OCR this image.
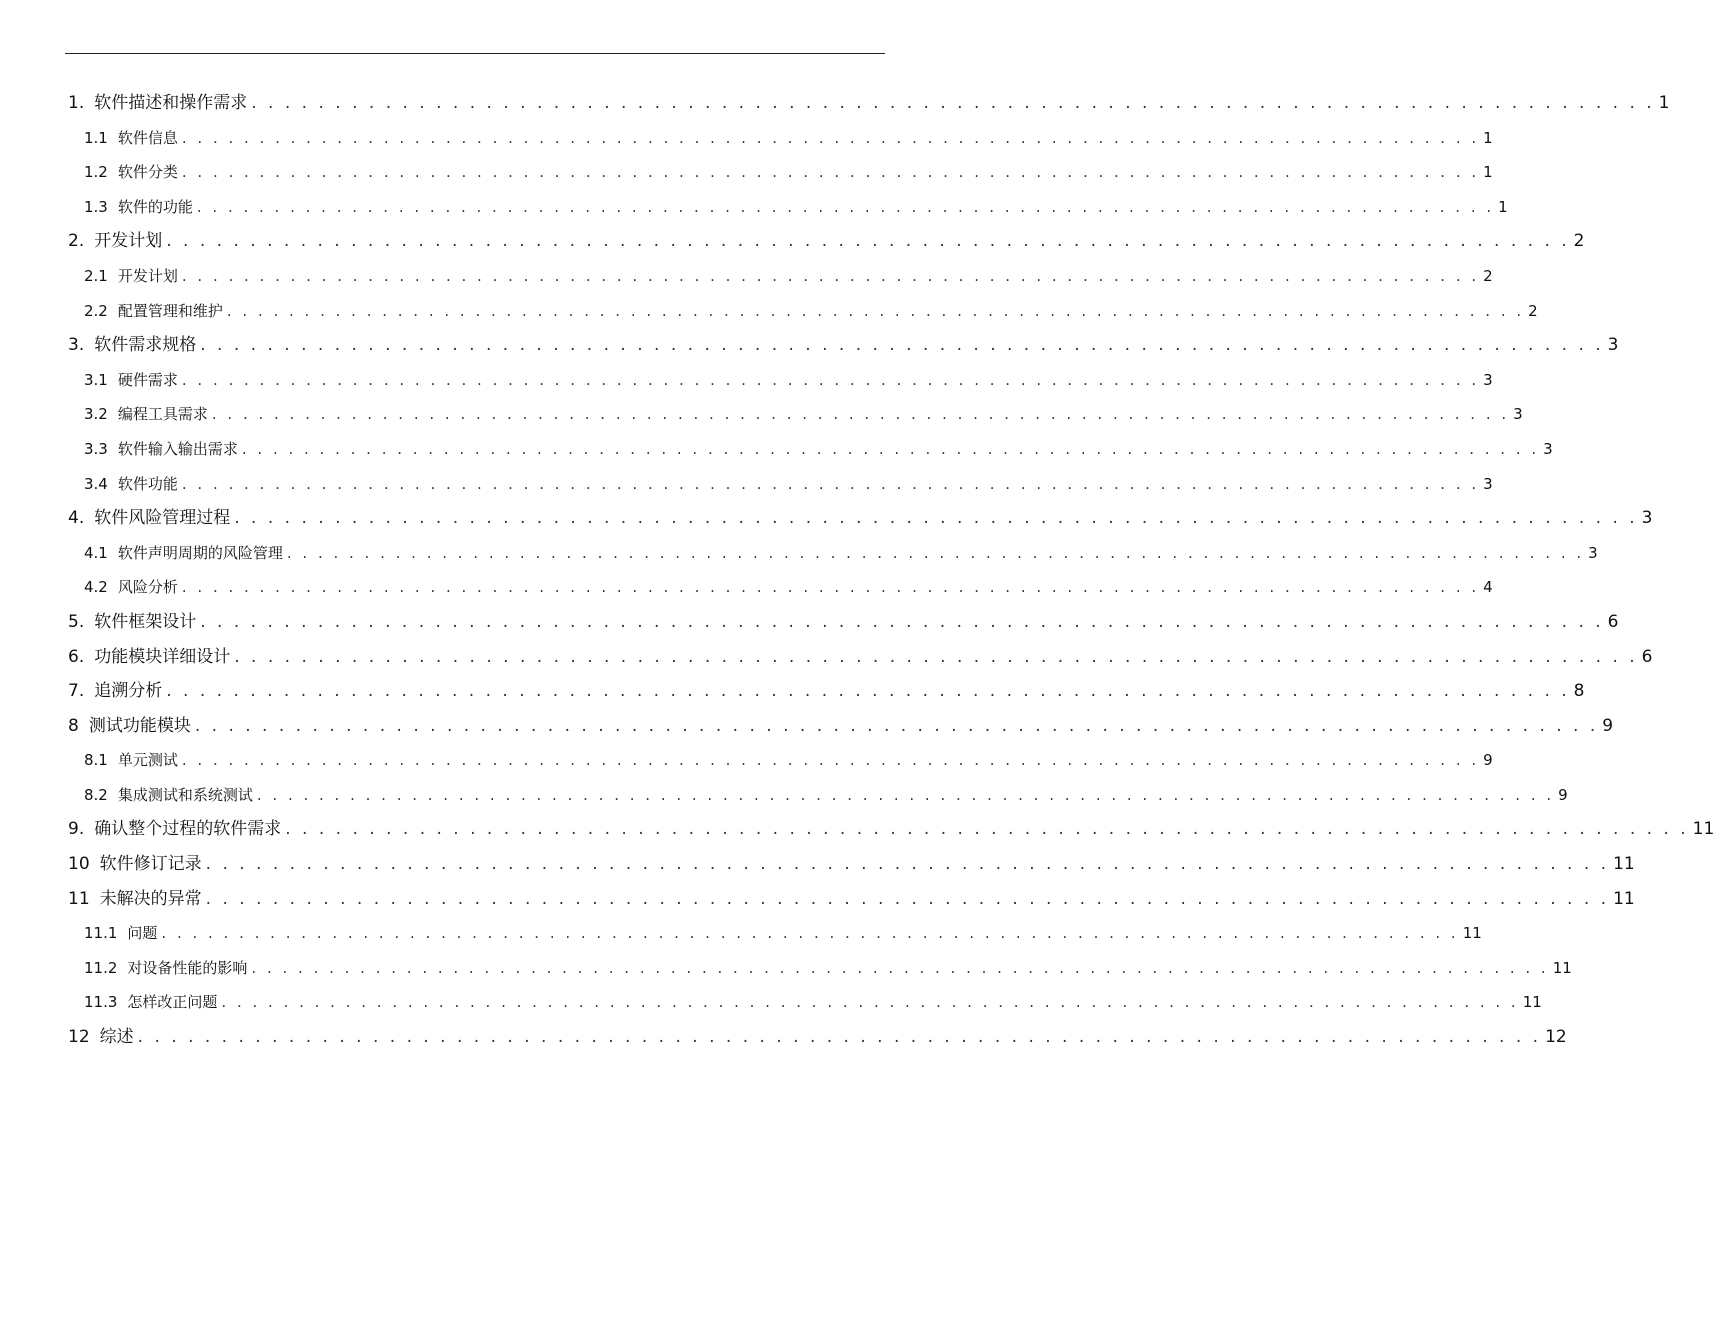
1. 软件描述和操作需求 . . . . . . . . . . . . . . . . . . . . . . . . . . . . . . . . . . . . . . . . . . . . . . . . . . . . . . . . . . . . . . . . . . . . . . . . . . . . . . . . . . . . 1
1.1 软件信息 . . . . . . . . . . . . . . . . . . . . . . . . . . . . . . . . . . . . . . . . . . . . . . . . . . . . . . . . . . . . . . . . . . . . . . . . . . . . . . . . . . . . 1
1.2 软件分类 . . . . . . . . . . . . . . . . . . . . . . . . . . . . . . . . . . . . . . . . . . . . . . . . . . . . . . . . . . . . . . . . . . . . . . . . . . . . . . . . . . . . 1
1.3 软件的功能 . . . . . . . . . . . . . . . . . . . . . . . . . . . . . . . . . . . . . . . . . . . . . . . . . . . . . . . . . . . . . . . . . . . . . . . . . . . . . . . . . . . . 1
2. 开发计划 . . . . . . . . . . . . . . . . . . . . . . . . . . . . . . . . . . . . . . . . . . . . . . . . . . . . . . . . . . . . . . . . . . . . . . . . . . . . . . . . . . . . 2
2.1 开发计划 . . . . . . . . . . . . . . . . . . . . . . . . . . . . . . . . . . . . . . . . . . . . . . . . . . . . . . . . . . . . . . . . . . . . . . . . . . . . . . . . . . . . 2
2.2 配置管理和维护 . . . . . . . . . . . . . . . . . . . . . . . . . . . . . . . . . . . . . . . . . . . . . . . . . . . . . . . . . . . . . . . . . . . . . . . . . . . . . . . . . . . . 2
3. 软件需求规格 . . . . . . . . . . . . . . . . . . . . . . . . . . . . . . . . . . . . . . . . . . . . . . . . . . . . . . . . . . . . . . . . . . . . . . . . . . . . . . . . . . . . 3
3.1 硬件需求 . . . . . . . . . . . . . . . . . . . . . . . . . . . . . . . . . . . . . . . . . . . . . . . . . . . . . . . . . . . . . . . . . . . . . . . . . . . . . . . . . . . . 3
3.2 编程工具需求 . . . . . . . . . . . . . . . . . . . . . . . . . . . . . . . . . . . . . . . . . . . . . . . . . . . . . . . . . . . . . . . . . . . . . . . . . . . . . . . . . . . . 3
3.3 软件输入输出需求 . . . . . . . . . . . . . . . . . . . . . . . . . . . . . . . . . . . . . . . . . . . . . . . . . . . . . . . . . . . . . . . . . . . . . . . . . . . . . . . . . . . . 3
3.4 软件功能 . . . . . . . . . . . . . . . . . . . . . . . . . . . . . . . . . . . . . . . . . . . . . . . . . . . . . . . . . . . . . . . . . . . . . . . . . . . . . . . . . . . . 3
4. 软件风险管理过程 . . . . . . . . . . . . . . . . . . . . . . . . . . . . . . . . . . . . . . . . . . . . . . . . . . . . . . . . . . . . . . . . . . . . . . . . . . . . . . . . . . . . 3
4.1 软件声明周期的风险管理 . . . . . . . . . . . . . . . . . . . . . . . . . . . . . . . . . . . . . . . . . . . . . . . . . . . . . . . . . . . . . . . . . . . . . . . . . . . . . . . . . . . . 3
4.2 风险分析 . . . . . . . . . . . . . . . . . . . . . . . . . . . . . . . . . . . . . . . . . . . . . . . . . . . . . . . . . . . . . . . . . . . . . . . . . . . . . . . . . . . . 4
5. 软件框架设计 . . . . . . . . . . . . . . . . . . . . . . . . . . . . . . . . . . . . . . . . . . . . . . . . . . . . . . . . . . . . . . . . . . . . . . . . . . . . . . . . . . . . 6
6. 功能模块详细设计 . . . . . . . . . . . . . . . . . . . . . . . . . . . . . . . . . . . . . . . . . . . . . . . . . . . . . . . . . . . . . . . . . . . . . . . . . . . . . . . . . . . . 6
7. 追溯分析 . . . . . . . . . . . . . . . . . . . . . . . . . . . . . . . . . . . . . . . . . . . . . . . . . . . . . . . . . . . . . . . . . . . . . . . . . . . . . . . . . . . . 8
8 测试功能模块 . . . . . . . . . . . . . . . . . . . . . . . . . . . . . . . . . . . . . . . . . . . . . . . . . . . . . . . . . . . . . . . . . . . . . . . . . . . . . . . . . . . . 9
8.1 单元测试 . . . . . . . . . . . . . . . . . . . . . . . . . . . . . . . . . . . . . . . . . . . . . . . . . . . . . . . . . . . . . . . . . . . . . . . . . . . . . . . . . . . . 9
8.2 集成测试和系统测试 . . . . . . . . . . . . . . . . . . . . . . . . . . . . . . . . . . . . . . . . . . . . . . . . . . . . . . . . . . . . . . . . . . . . . . . . . . . . . . . . . . . . 9
9. 确认整个过程的软件需求 . . . . . . . . . . . . . . . . . . . . . . . . . . . . . . . . . . . . . . . . . . . . . . . . . . . . . . . . . . . . . . . . . . . . . . . . . . . . . . . . . . . . 11
10 软件修订记录 . . . . . . . . . . . . . . . . . . . . . . . . . . . . . . . . . . . . . . . . . . . . . . . . . . . . . . . . . . . . . . . . . . . . . . . . . . . . . . . . . . . . 11
11 未解决的异常 . . . . . . . . . . . . . . . . . . . . . . . . . . . . . . . . . . . . . . . . . . . . . . . . . . . . . . . . . . . . . . . . . . . . . . . . . . . . . . . . . . . . 11
11.1 问题 . . . . . . . . . . . . . . . . . . . . . . . . . . . . . . . . . . . . . . . . . . . . . . . . . . . . . . . . . . . . . . . . . . . . . . . . . . . . . . . . . . . . 11
11.2 对设备性能的影响 . . . . . . . . . . . . . . . . . . . . . . . . . . . . . . . . . . . . . . . . . . . . . . . . . . . . . . . . . . . . . . . . . . . . . . . . . . . . . . . . . . . . 11
11.3 怎样改正问题 . . . . . . . . . . . . . . . . . . . . . . . . . . . . . . . . . . . . . . . . . . . . . . . . . . . . . . . . . . . . . . . . . . . . . . . . . . . . . . . . . . . . 11
12 综述 . . . . . . . . . . . . . . . . . . . . . . . . . . . . . . . . . . . . . . . . . . . . . . . . . . . . . . . . . . . . . . . . . . . . . . . . . . . . . . . . . . . . 12
